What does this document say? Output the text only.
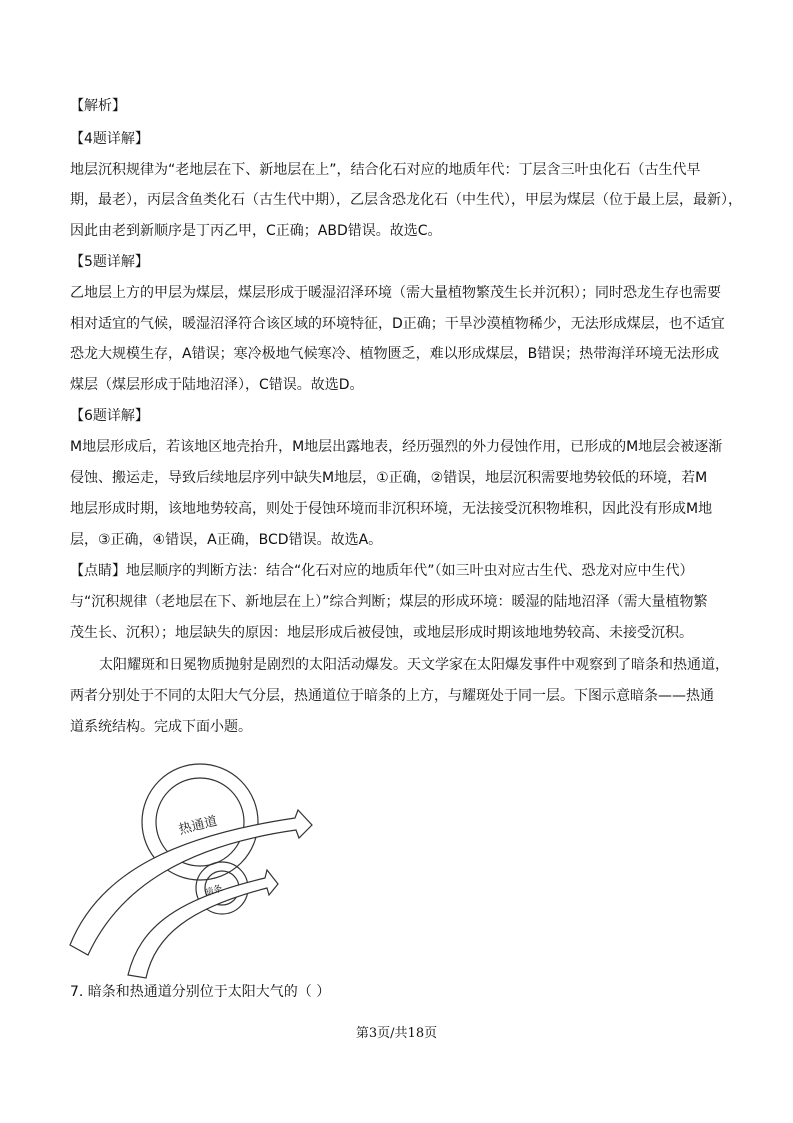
【解析】
【4题详解】
地层沉积规律为“老地层在下、新地层在上”，结合化石对应的地质年代：丁层含三叶虫化石（古生代早
期，最老），丙层含鱼类化石（古生代中期），乙层含恐龙化石（中生代），甲层为煤层（位于最上层，最新），
因此由老到新顺序是丁丙乙甲，C正确；ABD错误。故选C。
【5题详解】
乙地层上方的甲层为煤层，煤层形成于暖湿沼泽环境（需大量植物繁茂生长并沉积）；同时恐龙生存也需要
相对适宜的气候，暖湿沼泽符合该区域的环境特征，D正确；干旱沙漠植物稀少，无法形成煤层，也不适宜
恐龙大规模生存，A错误；寒冷极地气候寒冷、植物匮乏，难以形成煤层，B错误；热带海洋环境无法形成
煤层（煤层形成于陆地沼泽），C错误。故选D。
【6题详解】
M地层形成后，若该地区地壳抬升，M地层出露地表，经历强烈的外力侵蚀作用，已形成的M地层会被逐渐
侵蚀、搬运走，导致后续地层序列中缺失M地层，①正确，②错误，地层沉积需要地势较低的环境，若M
地层形成时期，该地地势较高，则处于侵蚀环境而非沉积环境，无法接受沉积物堆积，因此没有形成M地
层，③正确，④错误，A正确，BCD错误。故选A。
【点睛】地层顺序的判断方法：结合“化石对应的地质年代”（如三叶虫对应古生代、恐龙对应中生代）
与“沉积规律（老地层在下、新地层在上）”综合判断；煤层的形成环境：暖湿的陆地沼泽（需大量植物繁
茂生长、沉积）；地层缺失的原因：地层形成后被侵蚀，或地层形成时期该地地势较高、未接受沉积。
太阳耀斑和日冕物质抛射是剧烈的太阳活动爆发。天文学家在太阳爆发事件中观察到了暗条和热通道，
两者分别处于不同的太阳大气分层，热通道位于暗条的上方，与耀斑处于同一层。下图示意暗条——热通
道系统结构。完成下面小题。
热通道
暗条
7. 暗条和热通道分别位于太阳大气的（ ）
第3页/共18页
